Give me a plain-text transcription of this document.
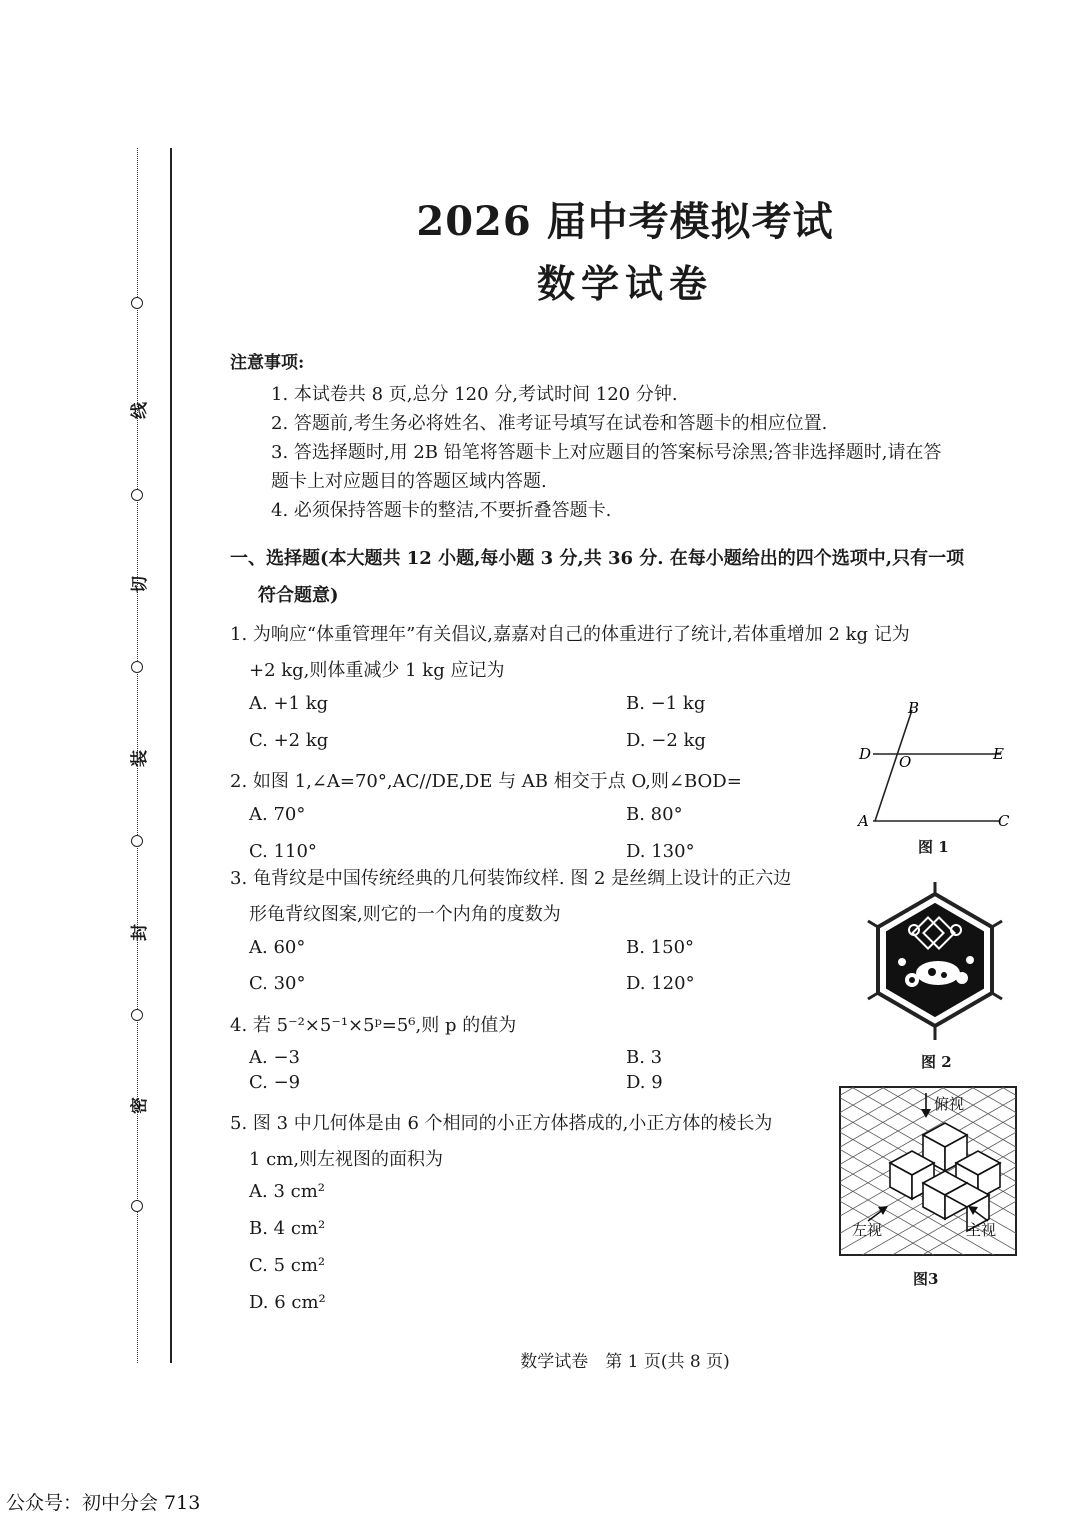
线
切
装
封
密
2026 届中考模拟考试
数学试卷
注意事项:
1. 本试卷共 8 页,总分 120 分,考试时间 120 分钟.
2. 答题前,考生务必将姓名、准考证号填写在试卷和答题卡的相应位置.
3. 答选择题时,用 2B 铅笔将答题卡上对应题目的答案标号涂黑;答非选择题时,请在答
题卡上对应题目的答题区域内答题.
4. 必须保持答题卡的整洁,不要折叠答题卡.
一、选择题(本大题共 12 小题,每小题 3 分,共 36 分. 在每小题给出的四个选项中,只有一项
符合题意)
1. 为响应“体重管理年”有关倡议,嘉嘉对自己的体重进行了统计,若体重增加 2 kg 记为
+2 kg,则体重减少 1 kg 应记为
A. +1 kg	B. −1 kg
C. +2 kg	D. −2 kg
2. 如图 1,∠A=70°,AC//DE,DE 与 AB 相交于点 O,则∠BOD=
A. 70°	B. 80°
C. 110°	D. 130°
3. 龟背纹是中国传统经典的几何装饰纹样. 图 2 是丝绸上设计的正六边
形龟背纹图案,则它的一个内角的度数为
A. 60°	B. 150°
C. 30°	D. 120°
4. 若 5⁻²×5⁻¹×5ᵖ=5⁶,则 p 的值为
A. −3	B. 3
C. −9	D. 9
5. 图 3 中几何体是由 6 个相同的小正方体搭成的,小正方体的棱长为
1 cm,则左视图的面积为
A. 3 cm²
B. 4 cm²
C. 5 cm²
D. 6 cm²
B
D O	E
A	C
图 1
图 2
俯视
左视	主视
图3
数学试卷　第 1 页(共 8 页)
公众号：初中分会 713
